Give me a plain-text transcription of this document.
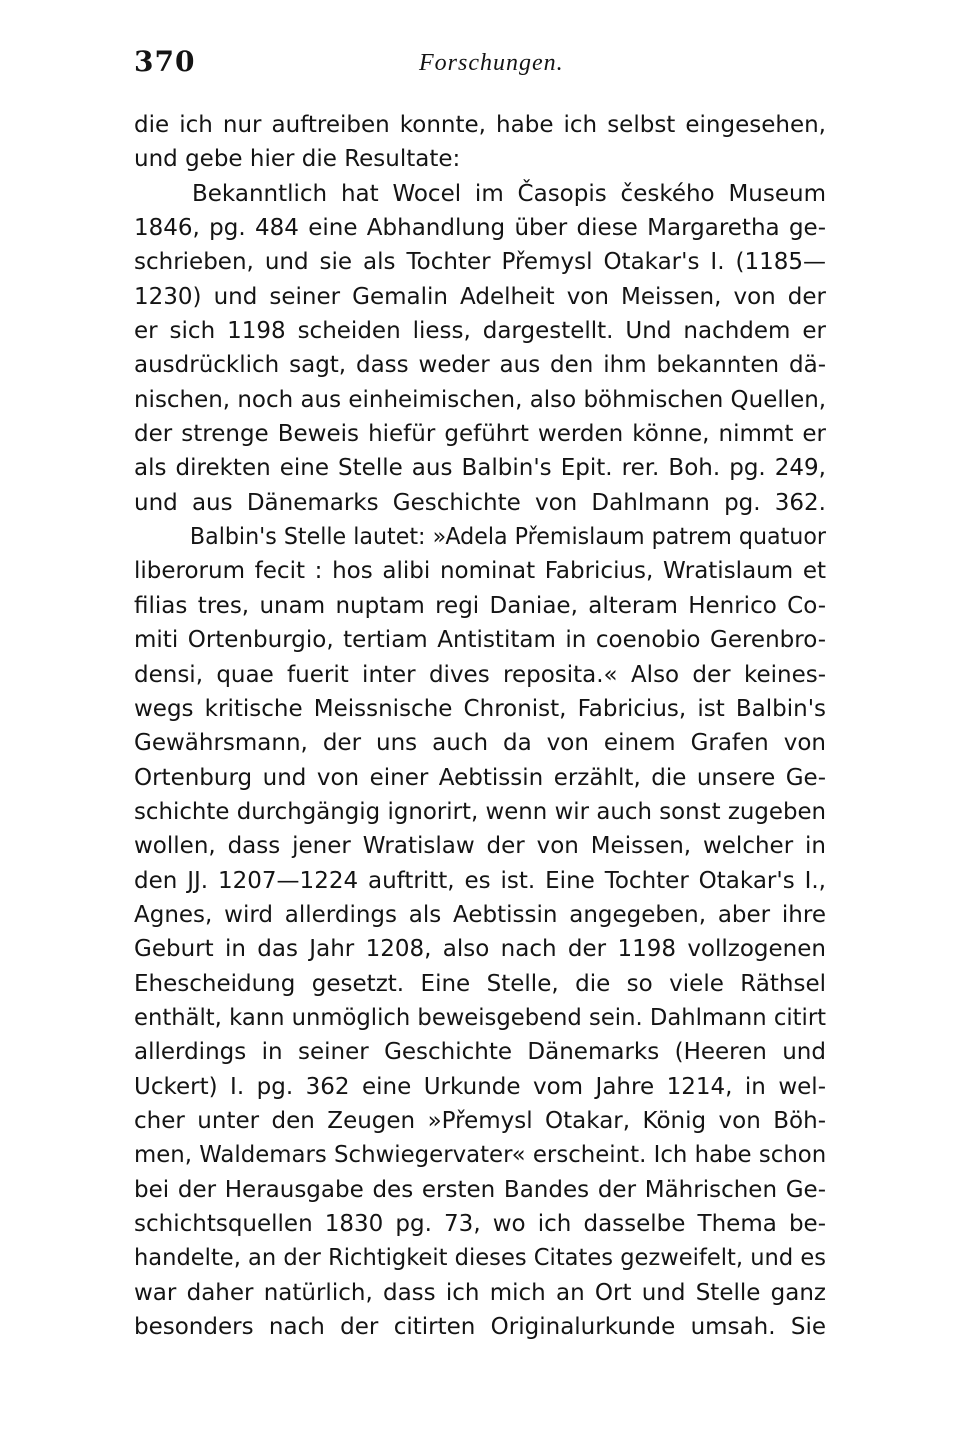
370	Forschungen.
die ich nur auftreiben konnte, habe ich selbst eingesehen,
und gebe hier die Resultate:
Bekanntlich hat Wocel im Časopis českého Museum
1846, pg. 484 eine Abhandlung über diese Margaretha ge-
schrieben, und sie als Tochter Přemysl Otakar's I. (1185—
1230) und seiner Gemalin Adelheit von Meissen, von der
er sich 1198 scheiden liess, dargestellt. Und nachdem er
ausdrücklich sagt, dass weder aus den ihm bekannten dä-
nischen, noch aus einheimischen, also böhmischen Quellen,
der strenge Beweis hiefür geführt werden könne, nimmt er
als direkten eine Stelle aus Balbin's Epit. rer. Boh. pg. 249,
und aus Dänemarks Geschichte von Dahlmann pg. 362.
Balbin's Stelle lautet: »Adela Přemislaum patrem quatuor
liberorum fecit : hos alibi nominat Fabricius, Wratislaum et
filias tres, unam nuptam regi Daniae, alteram Henrico Co-
miti Ortenburgio, tertiam Antistitam in coenobio Gerenbro-
densi, quae fuerit inter dives reposita.« Also der keines-
wegs kritische Meissnische Chronist, Fabricius, ist Balbin's
Gewährsmann, der uns auch da von einem Grafen von
Ortenburg und von einer Aebtissin erzählt, die unsere Ge-
schichte durchgängig ignorirt, wenn wir auch sonst zugeben
wollen, dass jener Wratislaw der von Meissen, welcher in
den JJ. 1207—1224 auftritt, es ist. Eine Tochter Otakar's I.,
Agnes, wird allerdings als Aebtissin angegeben, aber ihre
Geburt in das Jahr 1208, also nach der 1198 vollzogenen
Ehescheidung gesetzt. Eine Stelle, die so viele Räthsel
enthält, kann unmöglich beweisgebend sein. Dahlmann citirt
allerdings in seiner Geschichte Dänemarks (Heeren und
Uckert) I. pg. 362 eine Urkunde vom Jahre 1214, in wel-
cher unter den Zeugen »Přemysl Otakar, König von Böh-
men, Waldemars Schwiegervater« erscheint. Ich habe schon
bei der Herausgabe des ersten Bandes der Mährischen Ge-
schichtsquellen 1830 pg. 73, wo ich dasselbe Thema be-
handelte, an der Richtigkeit dieses Citates gezweifelt, und es
war daher natürlich, dass ich mich an Ort und Stelle ganz
besonders nach der citirten Originalurkunde umsah. Sie
